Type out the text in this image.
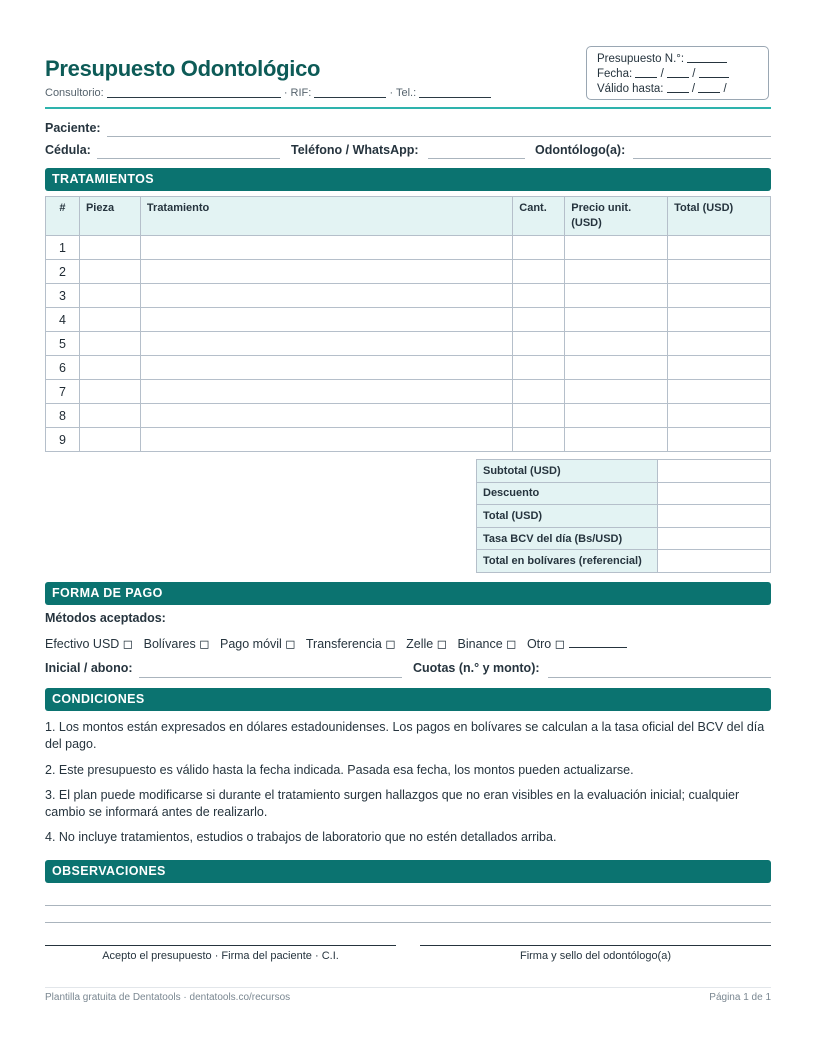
Presupuesto Odontológico
Consultorio:	· RIF:	· Tel.:
Presupuesto N.°:
Fecha: / /
Válido hasta: / /
Paciente:
Cédula:	Teléfono / WhatsApp:	Odontólogo(a):
TRATAMIENTOS
#	Pieza	Tratamiento	Cant.	Precio unit. (USD)	Total (USD)
1					
2					
3					
4					
5					
6					
7					
8					
9					
Subtotal (USD)	
Descuento	
Total (USD)	
Tasa BCV del día (Bs/USD)	
Total en bolívares (referencial)	
FORMA DE PAGO
Métodos aceptados:
Efectivo USD ◻ Bolívares ◻ Pago móvil ◻ Transferencia ◻ Zelle ◻ Binance ◻ Otro ◻
Inicial / abono:	Cuotas (n.° y monto):
CONDICIONES
1. Los montos están expresados en dólares estadounidenses. Los pagos en bolívares se calculan a la tasa oficial del BCV del día del pago.
2. Este presupuesto es válido hasta la fecha indicada. Pasada esa fecha, los montos pueden actualizarse.
3. El plan puede modificarse si durante el tratamiento surgen hallazgos que no eran visibles en la evaluación inicial; cualquier cambio se informará antes de realizarlo.
4. No incluye tratamientos, estudios o trabajos de laboratorio que no estén detallados arriba.
OBSERVACIONES
Acepto el presupuesto · Firma del paciente · C.I.	Firma y sello del odontólogo(a)
Plantilla gratuita de Dentatools · dentatools.co/recursos	Página 1 de 1
